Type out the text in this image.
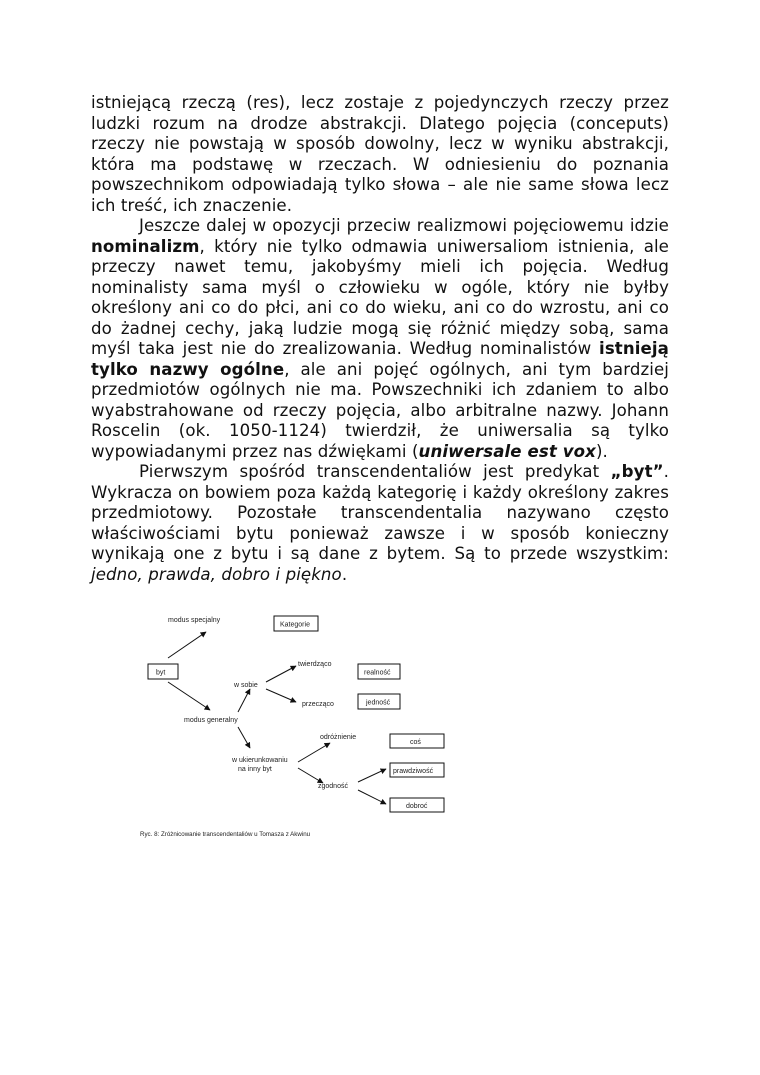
istniejącą rzeczą (res), lecz zostaje z pojedynczych rzeczy przez ludzki rozum na drodze abstrakcji. Dlatego pojęcia (conceputs) rzeczy nie powstają w sposób dowolny, lecz w wyniku abstrakcji, która ma podstawę w rzeczach. W odniesieniu do poznania powszechnikom odpowiadają tylko słowa – ale nie same słowa lecz ich treść, ich znaczenie.

Jeszcze dalej w opozycji przeciw realizmowi pojęciowemu idzie nominalizm, który nie tylko odmawia uniwersaliom istnienia, ale przeczy nawet temu, jakobyśmy mieli ich pojęcia. Według nominalisty sama myśl o człowieku w ogóle, który nie byłby określony ani co do płci, ani co do wieku, ani co do wzrostu, ani co do żadnej cechy, jaką ludzie mogą się różnić między sobą, sama myśl taka jest nie do zrealizowania. Według nominalistów istnieją tylko nazwy ogólne, ale ani pojęć ogólnych, ani tym bardziej przedmiotów ogólnych nie ma. Powszechniki ich zdaniem to albo wyabstrahowane od rzeczy pojęcia, albo arbitralne nazwy. Johann Roscelin (ok. 1050-1124) twierdził, że uniwersalia są tylko wypowiadanymi przez nas dźwiękami (uniwersale est vox).

Pierwszym spośród transcendentaliów jest predykat „byt”. Wykracza on bowiem poza każdą kategorię i każdy określony zakres przedmiotowy. Pozostałe transcendentalia nazywano często właściwościami bytu ponieważ zawsze i w sposób konieczny wynikają one z bytu i są dane z bytem. Są to przede wszystkim: jedno, prawda, dobro i piękno.

modus specjalny
Kategorie
byt
w sobie
twierdząco
przecząco
realność
jedność
modus generalny
w ukierunkowaniu
na inny byt
odróżnienie
zgodność
coś
prawdziwość
dobroć
Ryc. 8: Zróżnicowanie transcendentaliów u Tomasza z Akwinu
